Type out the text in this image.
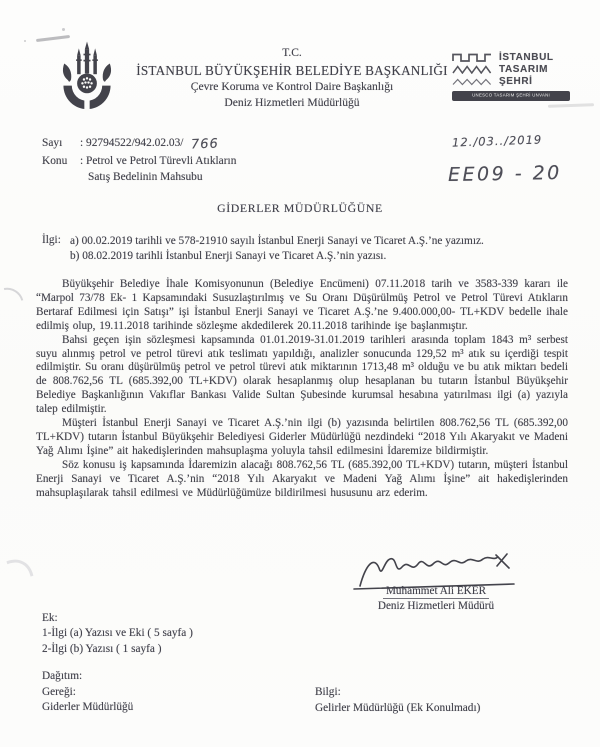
T.C.
İSTANBUL BÜYÜKŞEHİR BELEDİYE BAŞKANLIĞI
Çevre Koruma ve Kontrol Daire Başkanlığı
Deniz Hizmetleri Müdürlüğü
İSTANBUL
TASARIM
ŞEHRİ
UNESCO TASARIM ŞEHRİ UNVANI
Sayı	: 92794522/942.02.03/ 766
Konu	: Petrol ve Petrol Türevli Atıkların
Satış Bedelinin Mahsubu
12./03../2019
EE09 - 20
GİDERLER MÜDÜRLÜĞÜNE
İlgi: a) 00.02.2019 tarihli ve 578-21910 sayılı İstanbul Enerji Sanayi ve Ticaret A.Ş.’ne yazımız.
b) 08.02.2019 tarihli İstanbul Enerji Sanayi ve Ticaret A.Ş.’nin yazısı.

Büyükşehir Belediye İhale Komisyonunun (Belediye Encümeni) 07.11.2018 tarih ve 3583-339 kararı ile “Marpol 73/78 Ek- 1 Kapsamındaki Susuzlaştırılmış ve Su Oranı Düşürülmüş Petrol ve Petrol Türevi Atıkların Bertaraf Edilmesi için Satışı” işi İstanbul Enerji Sanayi ve Ticaret A.Ş.’ne 9.400.000,00- TL+KDV bedelle ihale edilmiş olup, 19.11.2018 tarihinde sözleşme akdedilerek 20.11.2018 tarihinde işe başlanmıştır.

Bahsi geçen işin sözleşmesi kapsamında 01.01.2019-31.01.2019 tarihleri arasında toplam 1843 m³ serbest suyu alınmış petrol ve petrol türevi atık teslimatı yapıldığı, analizler sonucunda 129,52 m³ atık su içerdiği tespit edilmiştir. Su oranı düşürülmüş petrol ve petrol türevi atık miktarının 1713,48 m³ olduğu ve bu atık miktarı bedeli de 808.762,56 TL (685.392,00 TL+KDV) olarak hesaplanmış olup hesaplanan bu tutarın İstanbul Büyükşehir Belediye Başkanlığının Vakıflar Bankası Valide Sultan Şubesinde kurumsal hesabına yatırılması ilgi (a) yazıyla talep edilmiştir.

Müşteri İstanbul Enerji Sanayi ve Ticaret A.Ş.’nin ilgi (b) yazısında belirtilen 808.762,56 TL (685.392,00 TL+KDV) tutarın İstanbul Büyükşehir Belediyesi Giderler Müdürlüğü nezdindeki “2018 Yılı Akaryakıt ve Madeni Yağ Alımı İşine” ait hakedişlerinden mahsuplaşma yoluyla tahsil edilmesini İdaremize bildirmiştir.

Söz konusu iş kapsamında İdaremizin alacağı 808.762,56 TL (685.392,00 TL+KDV) tutarın, müşteri İstanbul Enerji Sanayi ve Ticaret A.Ş.’nin “2018 Yılı Akaryakıt ve Madeni Yağ Alımı İşine” ait hakedişlerinden mahsuplaşılarak tahsil edilmesi ve Müdürlüğümüze bildirilmesi hususunu arz ederim.

Muhammet Ali EKER
Deniz Hizmetleri Müdürü
Ek:
1-İlgi (a) Yazısı ve Eki ( 5 sayfa )
2-İlgi (b) Yazısı ( 1 sayfa )
Dağıtım:
Gereği:
Giderler Müdürlüğü
Bilgi:
Gelirler Müdürlüğü (Ek Konulmadı)
